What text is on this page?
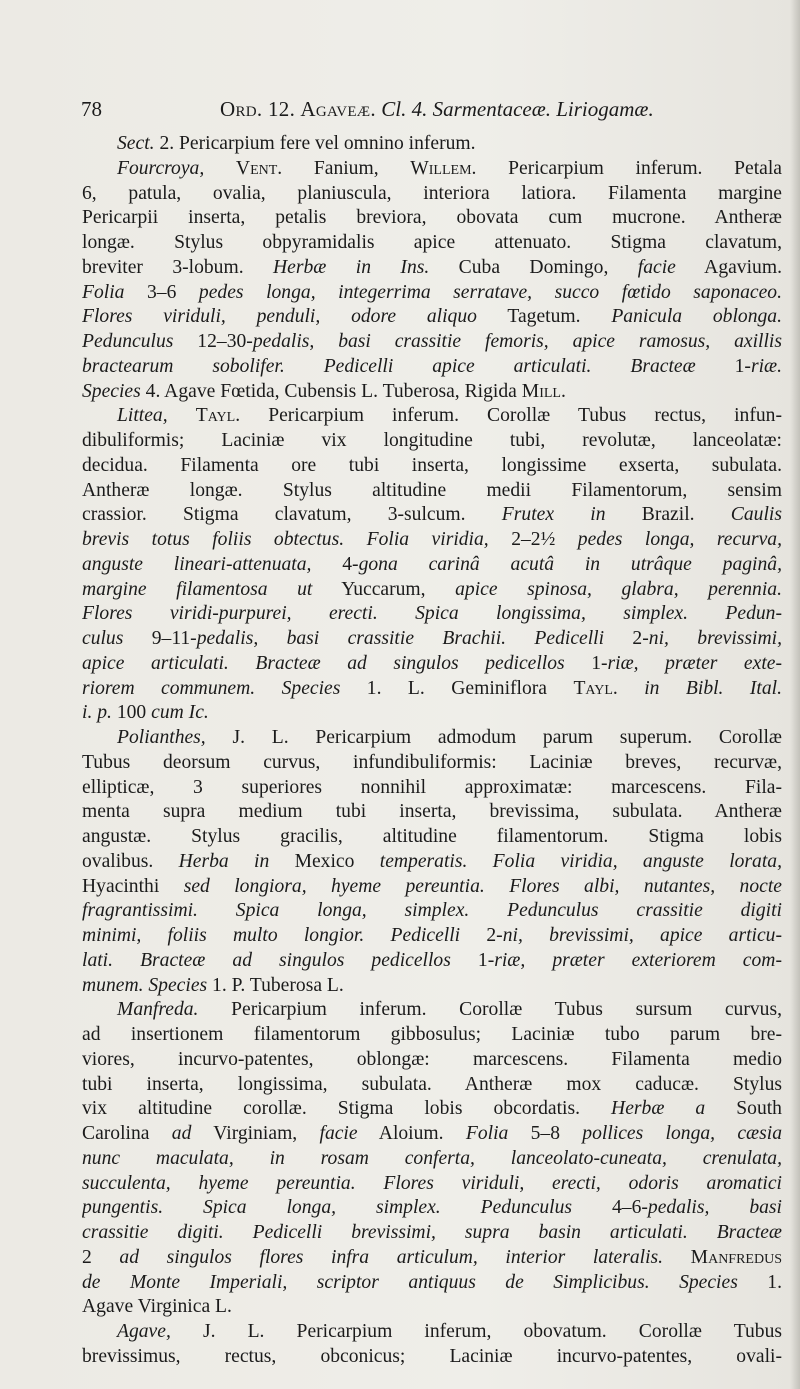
78	Ord. 12. Agaveæ. Cl. 4. Sarmentaceæ. Liriogamæ.
Sect. 2. Pericarpium fere vel omnino inferum.
Fourcroya, Vent. Fanium, Willem. Pericarpium inferum. Petala
6, patula, ovalia, planiuscula, interiora latiora. Filamenta margine
Pericarpii inserta, petalis breviora, obovata cum mucrone. Antheræ
longæ. Stylus obpyramidalis apice attenuato. Stigma clavatum,
breviter 3-lobum. Herbæ in Ins. Cuba Domingo, facie Agavium.
Folia 3–6 pedes longa, integerrima serratave, succo fœtido saponaceo.
Flores viriduli, penduli, odore aliquo Tagetum. Panicula oblonga.
Pedunculus 12–30-pedalis, basi crassitie femoris, apice ramosus, axillis
bractearum sobolifer. Pedicelli apice articulati. Bracteæ 1-riæ.
Species 4. Agave Fœtida, Cubensis L. Tuberosa, Rigida Mill.
Littea, Tayl. Pericarpium inferum. Corollæ Tubus rectus, infun-
dibuliformis; Laciniæ vix longitudine tubi, revolutæ, lanceolatæ:
decidua. Filamenta ore tubi inserta, longissime exserta, subulata.
Antheræ longæ. Stylus altitudine medii Filamentorum, sensim
crassior. Stigma clavatum, 3-sulcum. Frutex in Brazil. Caulis
brevis totus foliis obtectus. Folia viridia, 2–2½ pedes longa, recurva,
anguste lineari-attenuata, 4-gona carinâ acutâ in utrâque paginâ,
margine filamentosa ut Yuccarum, apice spinosa, glabra, perennia.
Flores viridi-purpurei, erecti. Spica longissima, simplex. Pedun-
culus 9–11-pedalis, basi crassitie Brachii. Pedicelli 2-ni, brevissimi,
apice articulati. Bracteæ ad singulos pedicellos 1-riæ, præter exte-
riorem communem. Species 1. L. Geminiflora Tayl. in Bibl. Ital.
i. p. 100 cum Ic.
Polianthes, J. L. Pericarpium admodum parum superum. Corollæ
Tubus deorsum curvus, infundibuliformis: Laciniæ breves, recurvæ,
ellipticæ, 3 superiores nonnihil approximatæ: marcescens. Fila-
menta supra medium tubi inserta, brevissima, subulata. Antheræ
angustæ. Stylus gracilis, altitudine filamentorum. Stigma lobis
ovalibus. Herba in Mexico temperatis. Folia viridia, anguste lorata,
Hyacinthi sed longiora, hyeme pereuntia. Flores albi, nutantes, nocte
fragrantissimi. Spica longa, simplex. Pedunculus crassitie digiti
minimi, foliis multo longior. Pedicelli 2-ni, brevissimi, apice articu-
lati. Bracteæ ad singulos pedicellos 1-riæ, præter exteriorem com-
munem. Species 1. P. Tuberosa L.
Manfreda. Pericarpium inferum. Corollæ Tubus sursum curvus,
ad insertionem filamentorum gibbosulus; Laciniæ tubo parum bre-
viores, incurvo-patentes, oblongæ: marcescens. Filamenta medio
tubi inserta, longissima, subulata. Antheræ mox caducæ. Stylus
vix altitudine corollæ. Stigma lobis obcordatis. Herbæ a South
Carolina ad Virginiam, facie Aloium. Folia 5–8 pollices longa, cæsia
nunc maculata, in rosam conferta, lanceolato-cuneata, crenulata,
succulenta, hyeme pereuntia. Flores viriduli, erecti, odoris aromatici
pungentis. Spica longa, simplex. Pedunculus 4–6-pedalis, basi
crassitie digiti. Pedicelli brevissimi, supra basin articulati. Bracteæ
2 ad singulos flores infra articulum, interior lateralis. Manfredus
de Monte Imperiali, scriptor antiquus de Simplicibus. Species 1.
Agave Virginica L.
Agave, J. L. Pericarpium inferum, obovatum. Corollæ Tubus
brevissimus, rectus, obconicus; Laciniæ incurvo-patentes, ovali-
